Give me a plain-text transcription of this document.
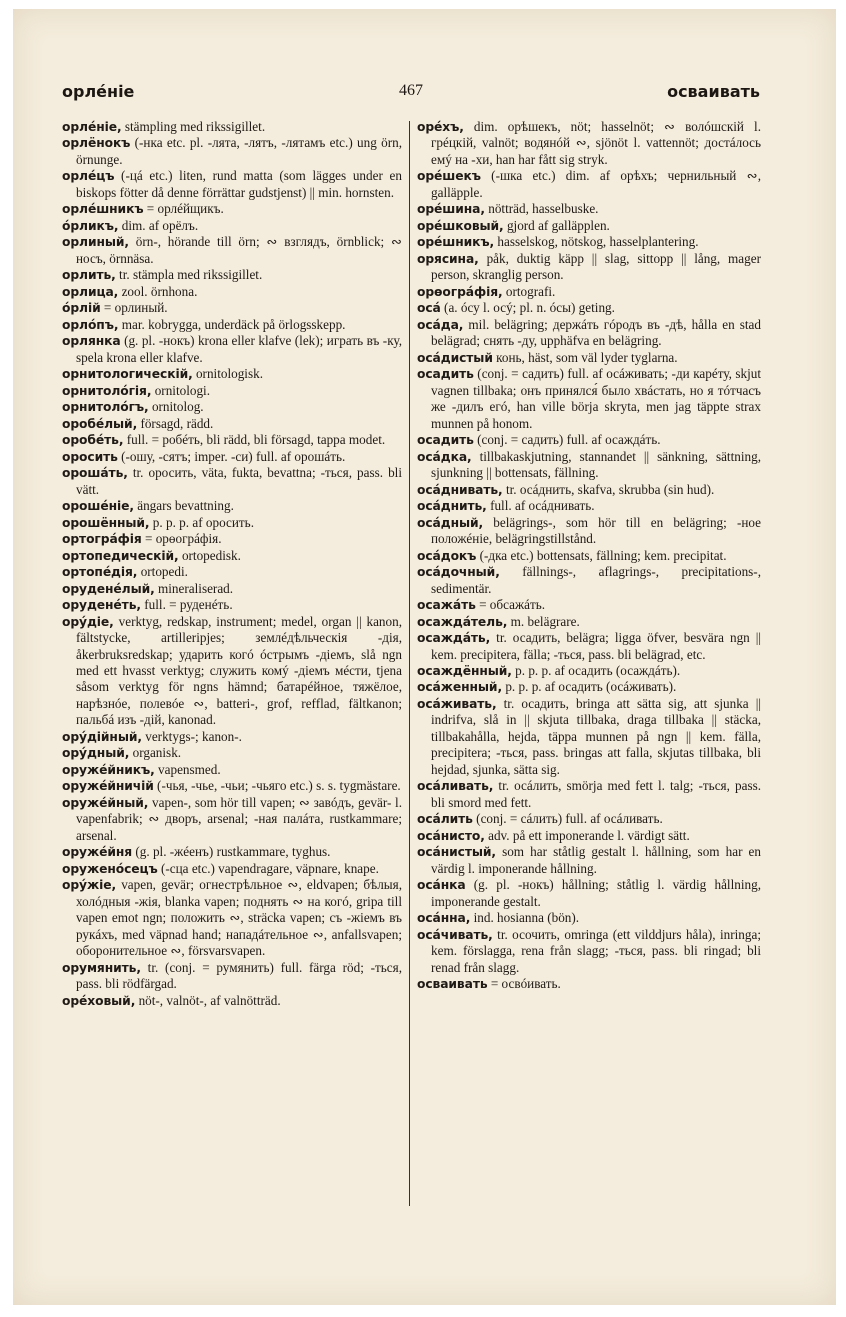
орлéніе	467	осваивать

орлéніе, stämpling med rikssigillet.

орлёнокъ (-нка etc. pl. -лята, -лятъ, -лятамъ etc.) ung örn, örnunge.

орлéцъ (-цá etc.) liten, rund matta (som lägges under en biskops fötter då denne förrättar gudstjenst) || min. hornsten.

орлéшникъ = орлéйщикъ.

óрликъ, dim. af орёлъ.

орлиный, örn-, hörande till örn; ∾ взглядъ, örnblick; ∾ носъ, örnnäsa.

орлить, tr. stämpla med rikssigillet.

орлица, zool. örnhona.

óрлій = орлиный.

орлóпъ, mar. kobrygga, underdäck på örlogsskepp.

орлянка (g. pl. -нокъ) krona eller klafve (lek); играть въ -ку, spela krona eller klafve.

орнитологическій, ornitologisk.

орнитолóгія, ornitologi.

орнитолóгъ, ornitolog.

оробéлый, försagd, rädd.

оробéть, full. = робéть, bli rädd, bli försagd, tappa modet.

оросить (-ошу, -сятъ; imper. -си) full. af орошáть.

орошáть, tr. оросить, väta, fukta, bevattna; -ться, pass. bli vätt.

орошéніе, ängars bevattning.

орошённый, p. p. p. af оросить.

ортогрáфія = орөогрáфія.

ортопедическій, ortopedisk.

ортопéдія, ortopedi.

оруденéлый, mineraliserad.

оруденéть, full. = руденéть.

орýдіе, verktyg, redskap, instrument; medel, organ || kanon, fältstycke, artilleripjes; землéдѣльческія -дія, åkerbruksredskap; ударить когó óстрымъ -діемъ, slå ngn med ett hvasst verktyg; служить комý -діемъ мéсти, tjena såsom verktyg för ngns hämnd; батарéйное, тяжёлое, нарѣзнóе, полевóе ∾, batteri-, grof, refflad, fältkanon; пальбá изъ -дій, kanonad.

орýдійный, verktygs-; kanon-.

орýдный, organisk.

оружéйникъ, vapensmed.

оружéйничій (-чья, -чье, -чьи; -чьяго etc.) s. s. tygmästare.

оружéйный, vapen-, som hör till vapen; ∾ завóдъ, gevär- l. vapenfabrik; ∾ дворъ, arsenal; -ная палáта, rustkammare; arsenal.

оружéйня (g. pl. -жéенъ) rustkammare, tyghus.

оруженóсецъ (-сца etc.) vapendragare, väpnare, knape.

орýжіе, vapen, gevär; огнестрѣльное ∾, eldvapen; бѣлыя, холóдныя -жія, blanka vapen; поднять ∾ на когó, gripa till vapen emot ngn; положить ∾, sträcka vapen; съ -жіемъ въ рукáхъ, med väpnad hand; нападáтельное ∾, anfallsvapen; оборонительное ∾, försvarsvapen.

орумянить, tr. (conj. = румянить) full. färga röd; -ться, pass. bli rödfärgad.

орéховый, nöt-, valnöt-, af valnötträd.

орéхъ, dim. орѣшекъ, nöt; hasselnöt; ∾ волóшскій l. грéцкій, valnöt; водянóй ∾, sjönöt l. vattennöt; достáлось емý на -хи, han har fått sig stryk.

орéшекъ (-шка etc.) dim. af орѣхъ; чернильный ∾, galläpple.

орéшина, nötträd, hasselbuske.

орéшковый, gjord af galläpplen.

орéшникъ, hasselskog, nötskog, hasselplantering.

орясина, påk, duktig käpp || slag, sittopp || lång, mager person, skranglig person.

орөогрáфія, ortografi.

осá (a. óсу l. осý; pl. n. óсы) geting.

осáда, mil. belägring; держáть гóродъ въ -дѣ, hålla en stad belägrad; снять -ду, upphäfva en belägring.

осáдистый конь, häst, som väl lyder tyglarna.

осадить (conj. = садить) full. af осáживать; -ди карéту, skjut vagnen tillbaka; онъ принялся́ было хвáстать, но я тóтчасъ же -дилъ егó, han ville börja skryta, men jag täppte strax munnen på honom.

осадить (conj. = садить) full. af осаждáть.

осáдка, tillbakaskjutning, stannandet || sänkning, sättning, sjunkning || bottensats, fällning.

осáднивать, tr. осáднить, skafva, skrubba (sin hud).

осáднить, full. af осáднивать.

осáдный, belägrings-, som hör till en belägring; -ное положéніе, belägringstillstånd.

осáдокъ (-дка etc.) bottensats, fällning; kem. precipitat.

осáдочный, fällnings-, aflagrings-, precipitations-, sedimentär.

осажáть = обсажáть.

осаждáтель, m. belägrare.

осаждáть, tr. осадить, belägra; ligga öfver, besvära ngn || kem. precipitera, fälla; -ться, pass. bli belägrad, etc.

осаждённый, p. p. p. af осадить (осаждáть).

осáженный, p. p. p. af осадить (осáживать).

осáживать, tr. осадить, bringa att sätta sig, att sjunka || indrifva, slå in || skjuta tillbaka, draga tillbaka || stäcka, tillbakahålla, hejda, täppa munnen på ngn || kem. fälla, precipitera; -ться, pass. bringas att falla, skjutas tillbaka, bli hejdad, sjunka, sätta sig.

осáливать, tr. осáлить, smörja med fett l. talg; -ться, pass. bli smord med fett.

осáлить (conj. = сáлить) full. af осáливать.

осáнисто, adv. på ett imponerande l. värdigt sätt.

осáнистый, som har ståtlig gestalt l. hållning, som har en värdig l. imponerande hållning.

осáнка (g. pl. -нокъ) hållning; ståtlig l. värdig hållning, imponerande gestalt.

осáнна, ind. hosianna (bön).

осáчивать, tr. осочить, omringa (ett vilddjurs håla), inringa; kem. förslagga, rena från slagg; -ться, pass. bli ringad; bli renad från slagg.

осваивать = освóивать.
